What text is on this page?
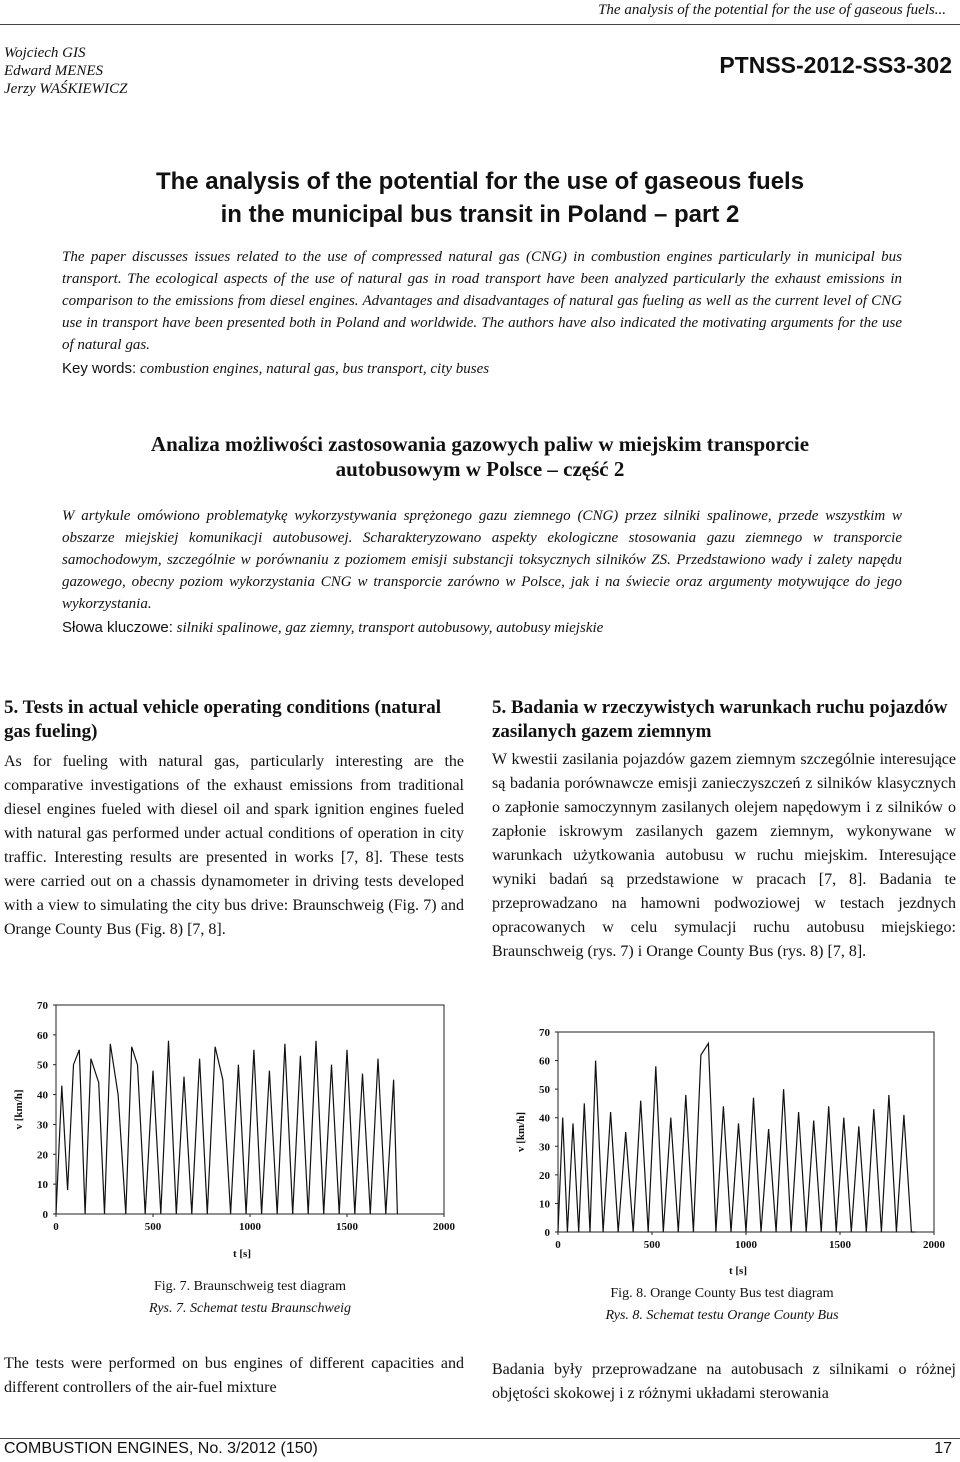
The analysis of the potential for the use of gaseous fuels...
Wojciech GIS
Edward MENES
Jerzy WAŚKIEWICZ
PTNSS-2012-SS3-302
The analysis of the potential for the use of gaseous fuels
in the municipal bus transit in Poland – part 2
The paper discusses issues related to the use of compressed natural gas (CNG) in combustion engines particularly in municipal bus transport. The ecological aspects of the use of natural gas in road transport have been analyzed particularly the exhaust emissions in comparison to the emissions from diesel engines. Advantages and disadvantages of natural gas fueling as well as the current level of CNG use in transport have been presented both in Poland and worldwide. The authors have also indicated the motivating arguments for the use of natural gas.
Key words: combustion engines, natural gas, bus transport, city buses
Analiza możliwości zastosowania gazowych paliw w miejskim transporcie
autobusowym w Polsce – część 2
W artykule omówiono problematykę wykorzystywania sprężonego gazu ziemnego (CNG) przez silniki spalinowe, przede wszystkim w obszarze miejskiej komunikacji autobusowej. Scharakteryzowano aspekty ekologiczne stosowania gazu ziemnego w transporcie samochodowym, szczególnie w porównaniu z poziomem emisji substancji toksycznych silników ZS. Przedstawiono wady i zalety napędu gazowego, obecny poziom wykorzystania CNG w transporcie zarówno w Polsce, jak i na świecie oraz argumenty motywujące do jego wykorzystania.
Słowa kluczowe: silniki spalinowe, gaz ziemny, transport autobusowy, autobusy miejskie
5. Tests in actual vehicle operating conditions (natural gas fueling)
5. Badania w rzeczywistych warunkach ruchu pojazdów zasilanych gazem ziemnym
As for fueling with natural gas, particularly interesting are the comparative investigations of the exhaust emissions from traditional diesel engines fueled with diesel oil and spark ignition engines fueled with natural gas performed under actual conditions of operation in city traffic. Interesting results are presented in works [7, 8]. These tests were carried out on a chassis dynamometer in driving tests developed with a view to simulating the city bus drive: Braunschweig (Fig. 7) and Orange County Bus (Fig. 8) [7, 8].
W kwestii zasilania pojazdów gazem ziemnym szczególnie interesujące są badania porównawcze emisji zanieczyszczeń z silników klasycznych o zapłonie samoczynnym zasilanych olejem napędowym i z silników o zapłonie iskrowym zasilanych gazem ziemnym, wykonywane w warunkach użytkowania autobusu w ruchu miejskim. Interesujące wyniki badań są przedstawione w pracach [7, 8]. Badania te przeprowadzano na hamowni podwoziowej w testach jezdnych opracowanych w celu symulacji ruchu autobusu miejskiego: Braunschweig (rys. 7) i Orange County Bus (rys. 8) [7, 8].
0
10
20
30
40
50
60
70
0	500	1000	1500	2000
v [km/h]
t [s]
Fig. 7. Braunschweig test diagram
Rys. 7. Schemat testu Braunschweig
0
10
20
30
40
50
60
70
0	500	1000	1500	2000
v [km/h]
t [s]
Fig. 8. Orange County Bus test diagram
Rys. 8. Schemat testu Orange County Bus
The tests were performed on bus engines of different capacities and different controllers of the air-fuel mixture
Badania były przeprowadzane na autobusach z silnikami o różnej objętości skokowej i z różnymi układami sterowania
COMBUSTION ENGINES, No. 3/2012 (150)	17
